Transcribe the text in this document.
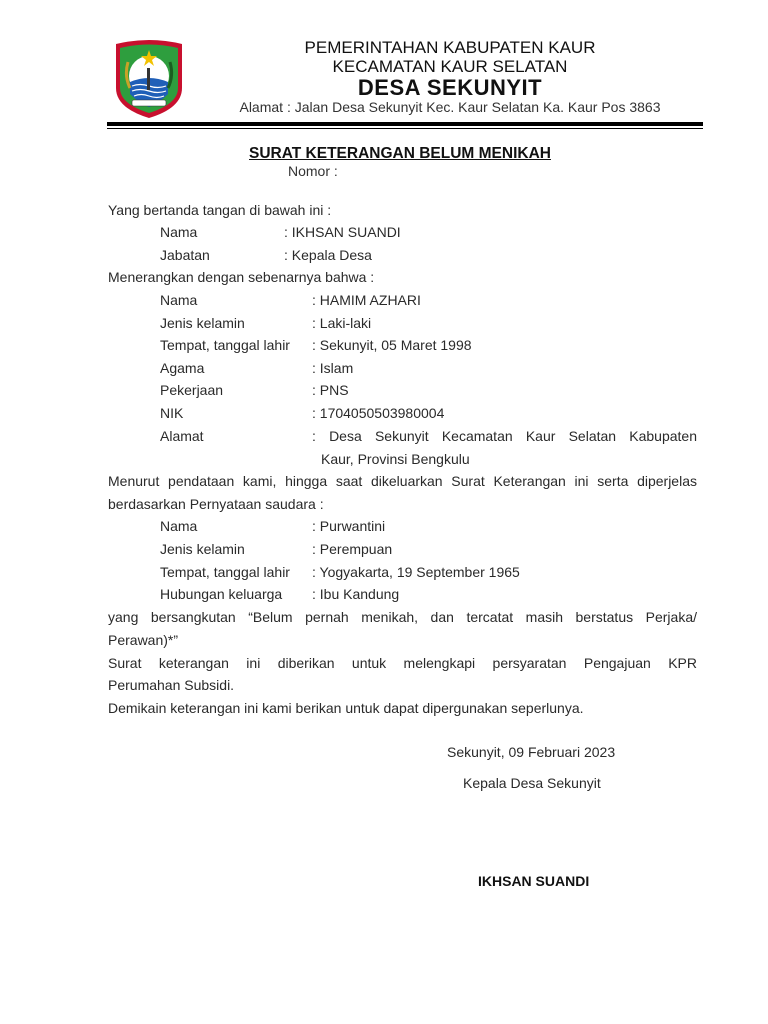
PEMERINTAHAN KABUPATEN KAUR
KECAMATAN KAUR SELATAN
DESA SEKUNYIT
Alamat : Jalan Desa Sekunyit Kec. Kaur Selatan Ka. Kaur Pos 3863
SURAT KETERANGAN BELUM MENIKAH
Nomor :
Yang bertanda tangan di bawah ini :
Nama	: IKHSAN SUANDI
Jabatan	: Kepala Desa
Menerangkan dengan sebenarnya bahwa :
Nama	: HAMIM AZHARI
Jenis kelamin	: Laki-laki
Tempat, tanggal lahir : Sekunyit, 05 Maret 1998
Agama	: Islam
Pekerjaan	: PNS
NIK	: 1704050503980004
Alamat	: Desa Sekunyit Kecamatan Kaur Selatan Kabupaten
Kaur, Provinsi Bengkulu
Menurut pendataan kami, hingga saat dikeluarkan Surat Keterangan ini serta diperjelas
berdasarkan Pernyataan saudara :
Nama	: Purwantini
Jenis kelamin	: Perempuan
Tempat, tanggal lahir : Yogyakarta, 19 September 1965
Hubungan keluarga : Ibu Kandung
yang bersangkutan “Belum pernah menikah, dan tercatat masih berstatus Perjaka/
Perawan)*”
Surat keterangan ini diberikan untuk melengkapi persyaratan Pengajuan KPR
Perumahan Subsidi.
Demikain keterangan ini kami berikan untuk dapat dipergunakan seperlunya.
Sekunyit, 09 Februari 2023
Kepala Desa Sekunyit
IKHSAN SUANDI
